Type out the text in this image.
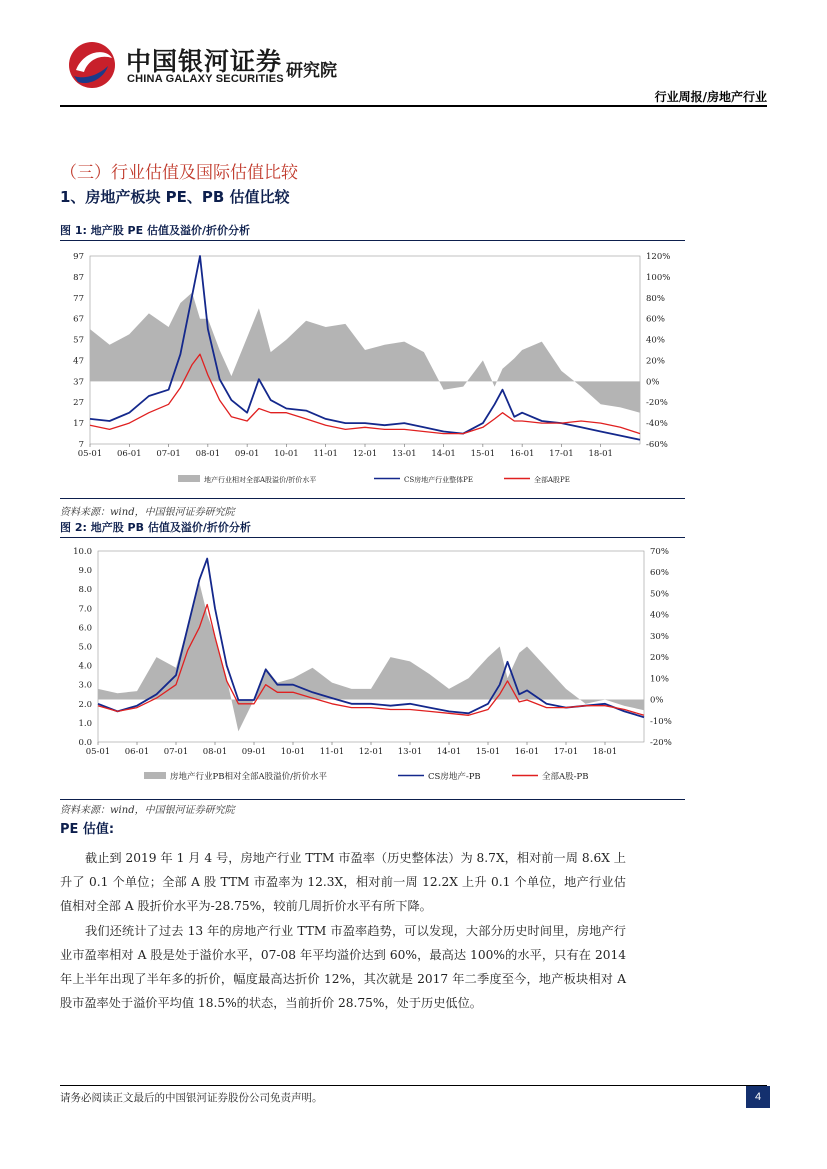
中国银河证券
CHINA GALAXY SECURITIES 研究院
行业周报/房地产行业
（三）行业估值及国际估值比较
1、房地产板块 PE、PB 估值比较
图 1: 地产股 PE 估值及溢价/折价分析
97
87
77
67
57
47
37
27
17
7
120%
100%
80%
60%
40%
20%
0%
-20%
-40%
-60%
05-01 06-01 07-01 08-01 09-01 10-01 11-01 12-01 13-01 14-01 15-01 16-01 17-01 18-01
地产行业相对全部A股溢价/折价水平	CS房地产行业整体PE	全部A股PE
资料来源：wind，中国银河证券研究院
图 2: 地产股 PB 估值及溢价/折价分析
10.0
9.0
8.0
7.0
6.0
5.0
4.0
3.0
2.0
1.0
0.0
70%
60%
50%
40%
30%
20%
10%
0%
-10%
-20%
05-01 06-01 07-01 08-01 09-01 10-01 11-01 12-01 13-01 14-01 15-01 16-01 17-01 18-01
房地产行业PB相对全部A股溢价/折价水平	CS房地产-PB	全部A股-PB
资料来源：wind，中国银河证券研究院
PE 估值:
截止到 2019 年 1 月 4 号，房地产行业 TTM 市盈率（历史整体法）为 8.7X，相对前一周 8.6X 上升了 0.1 个单位；全部 A 股 TTM 市盈率为 12.3X，相对前一周 12.2X 上升 0.1 个单位，地产行业估值相对全部 A 股折价水平为-28.75%，较前几周折价水平有所下降。
我们还统计了过去 13 年的房地产行业 TTM 市盈率趋势，可以发现，大部分历史时间里，房地产行业市盈率相对 A 股是处于溢价水平，07-08 年平均溢价达到 60%，最高达 100%的水平，只有在 2014 年上半年出现了半年多的折价，幅度最高达折价 12%，其次就是 2017 年二季度至今，地产板块相对 A 股市盈率处于溢价平均值 18.5%的状态，当前折价 28.75%，处于历史低位。
请务必阅读正文最后的中国银河证券股份公司免责声明。	4
